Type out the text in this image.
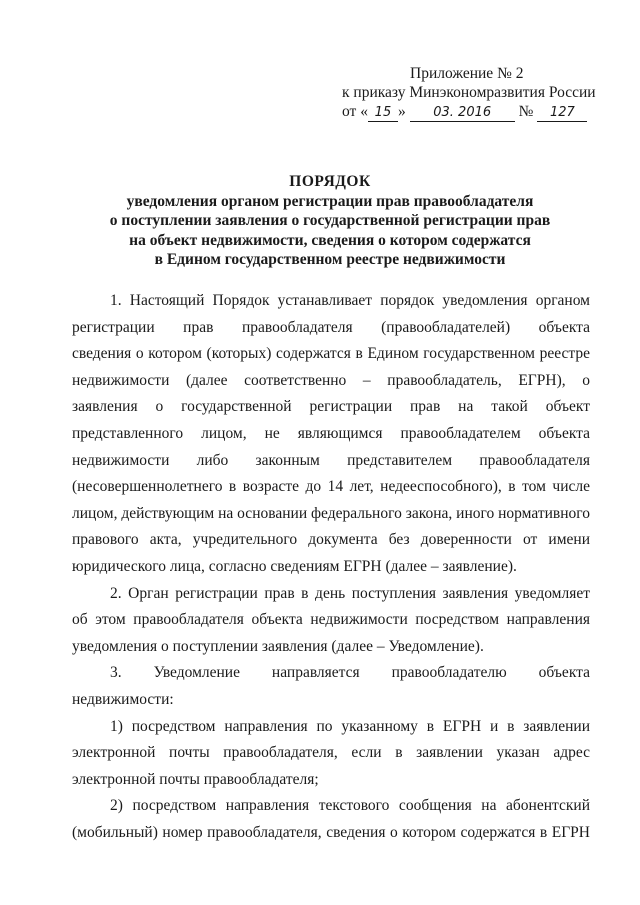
Приложение № 2
к приказу Минэкономразвития России
от « 15 » 03. 2016 № 127
ПОРЯДОК
уведомления органом регистрации прав правообладателя
о поступлении заявления о государственной регистрации прав
на объект недвижимости, сведения о котором содержатся
в Едином государственном реестре недвижимости
1. Настоящий Порядок устанавливает порядок уведомления органом
регистрации прав правообладателя (правообладателей) объекта
сведения о котором (которых) содержатся в Едином государственном реестре
недвижимости (далее соответственно – правообладатель, ЕГРН), о
заявления о государственной регистрации прав на такой объект
представленного лицом, не являющимся правообладателем объекта
недвижимости либо законным представителем правообладателя
(несовершеннолетнего в возрасте до 14 лет, недееспособного), в том числе
лицом, действующим на основании федерального закона, иного нормативного
правового акта, учредительного документа без доверенности от имени
юридического лица, согласно сведениям ЕГРН (далее – заявление).
2. Орган регистрации прав в день поступления заявления уведомляет
об этом правообладателя объекта недвижимости посредством направления
уведомления о поступлении заявления (далее – Уведомление).
3. Уведомление направляется правообладателю объекта
недвижимости:
1) посредством направления по указанному в ЕГРН и в заявлении
электронной почты правообладателя, если в заявлении указан адрес
электронной почты правообладателя;
2) посредством направления текстового сообщения на абонентский
(мобильный) номер правообладателя, сведения о котором содержатся в ЕГРН
